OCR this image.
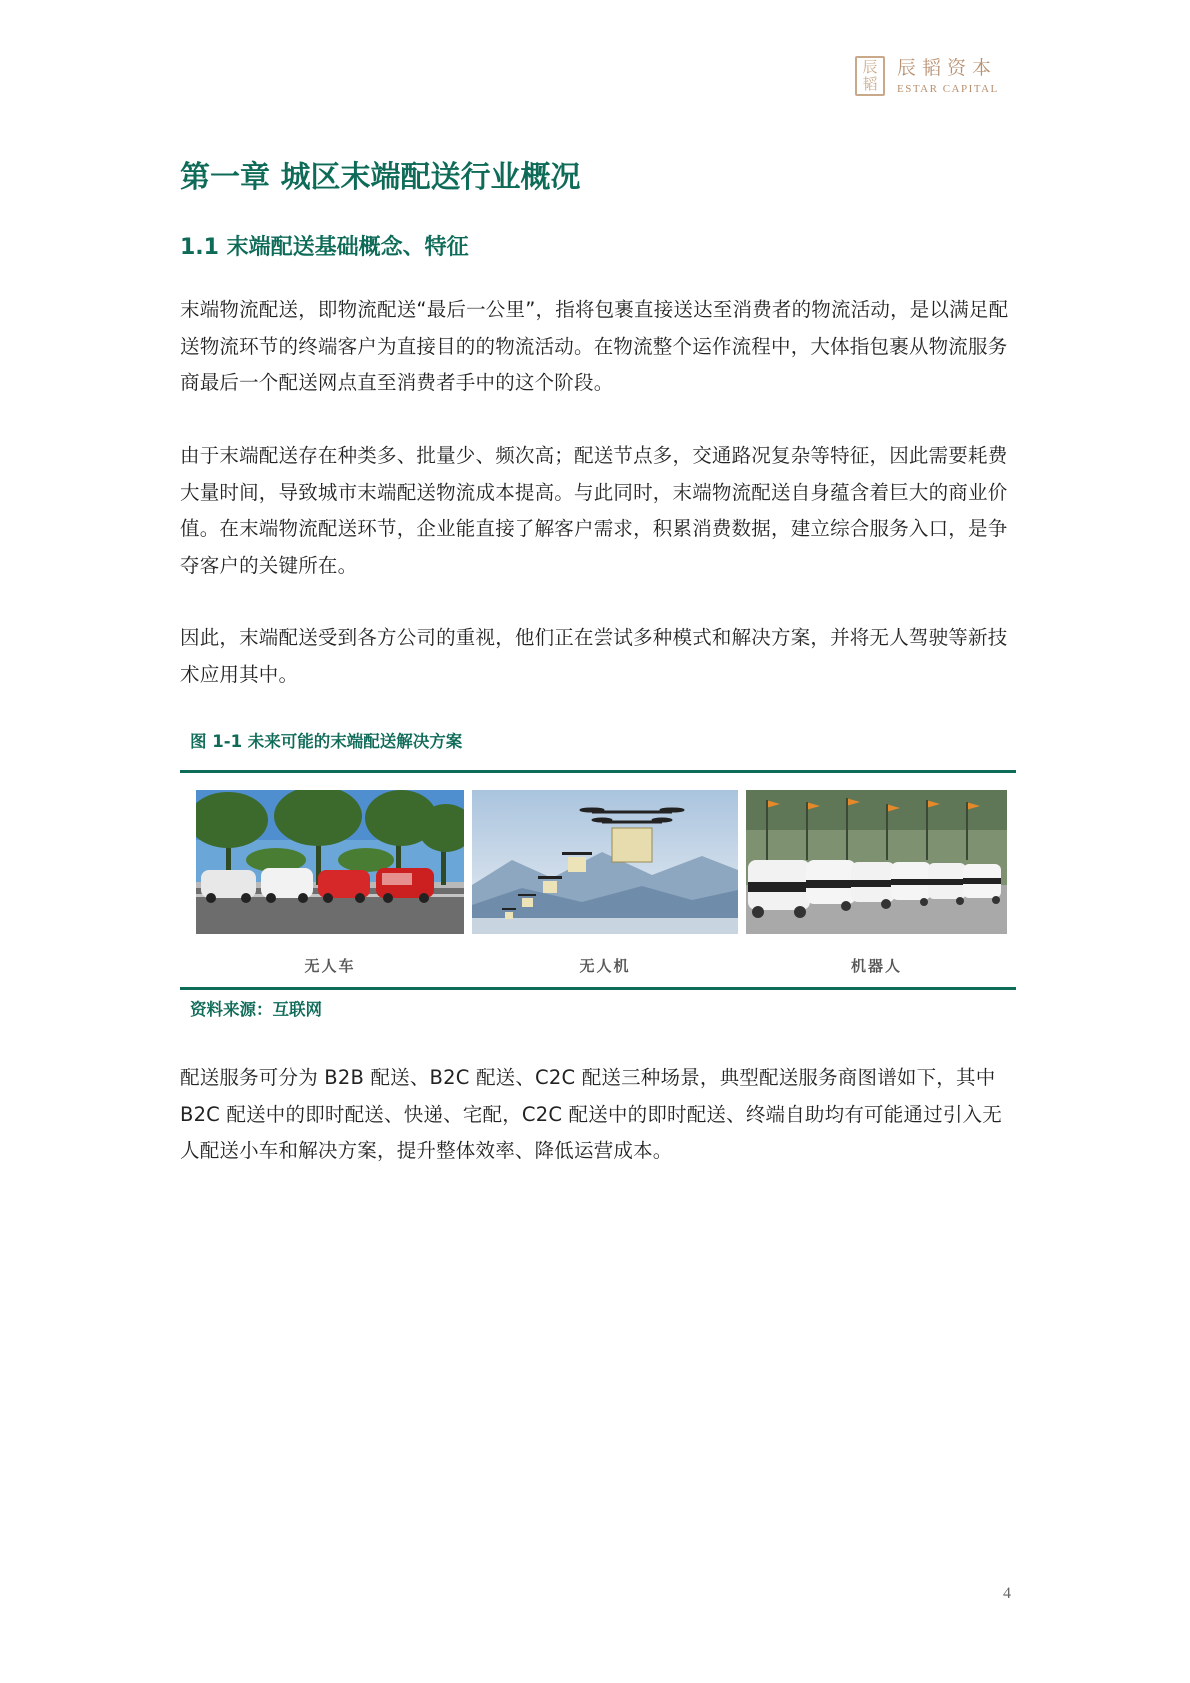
辰韬
辰韬资本
ESTAR CAPITAL
第一章 城区末端配送行业概况
1.1 末端配送基础概念、特征

末端物流配送，即物流配送“最后一公里”，指将包裹直接送达至消费者的物流活动，是以满足配送物流环节的终端客户为直接目的的物流活动。在物流整个运作流程中，大体指包裹从物流服务商最后一个配送网点直至消费者手中的这个阶段。

由于末端配送存在种类多、批量少、频次高；配送节点多，交通路况复杂等特征，因此需要耗费大量时间，导致城市末端配送物流成本提高。与此同时，末端物流配送自身蕴含着巨大的商业价值。在末端物流配送环节，企业能直接了解客户需求，积累消费数据，建立综合服务入口，是争夺客户的关键所在。

因此，末端配送受到各方公司的重视，他们正在尝试多种模式和解决方案，并将无人驾驶等新技术应用其中。

图 1-1 未来可能的末端配送解决方案
无人车	无人机	机器人
资料来源：互联网

配送服务可分为 B2B 配送、B2C 配送、C2C 配送三种场景，典型配送服务商图谱如下，其中 B2C 配送中的即时配送、快递、宅配，C2C 配送中的即时配送、终端自助均有可能通过引入无人配送小车和解决方案，提升整体效率、降低运营成本。

4
